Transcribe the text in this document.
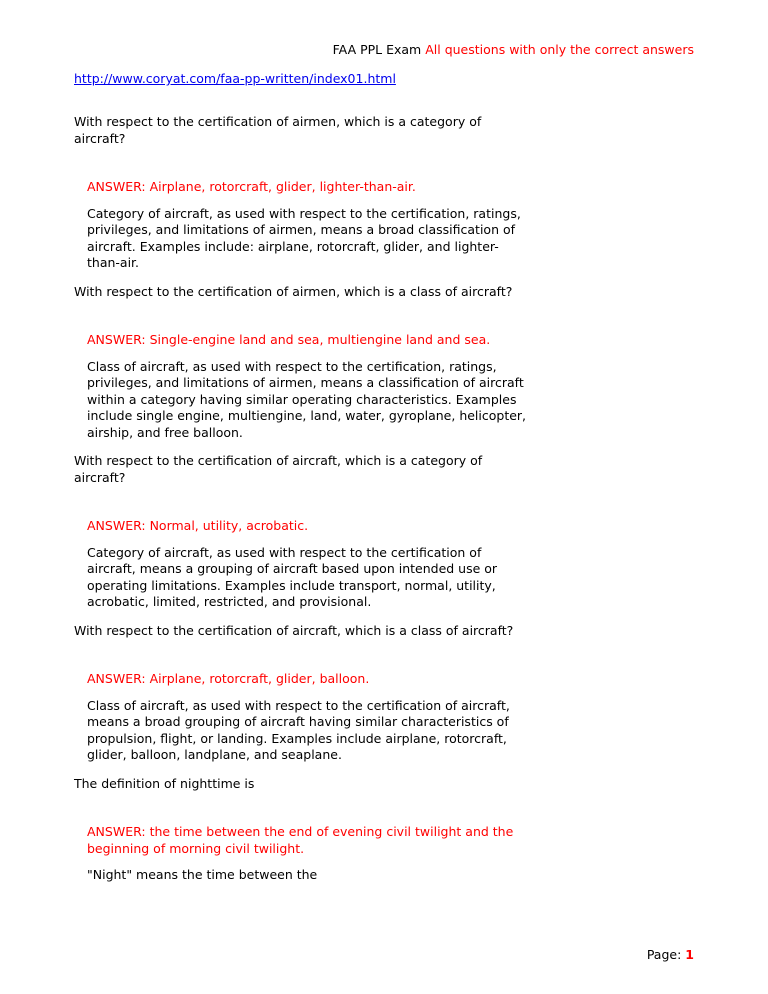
FAA PPL Exam All questions with only the correct answers
http://www.coryat.com/faa-pp-written/index01.html

With respect to the certification of airmen, which is a category of aircraft?

ANSWER: Airplane, rotorcraft, glider, lighter-than-air.

Category of aircraft, as used with respect to the certification, ratings, privileges, and limitations of airmen, means a broad classification of aircraft. Examples include: airplane, rotorcraft, glider, and lighter-than-air.

With respect to the certification of airmen, which is a class of aircraft?

ANSWER: Single-engine land and sea, multiengine land and sea.

Class of aircraft, as used with respect to the certification, ratings, privileges, and limitations of airmen, means a classification of aircraft within a category having similar operating characteristics. Examples include single engine, multiengine, land, water, gyroplane, helicopter, airship, and free balloon.

With respect to the certification of aircraft, which is a category of aircraft?

ANSWER: Normal, utility, acrobatic.

Category of aircraft, as used with respect to the certification of aircraft, means a grouping of aircraft based upon intended use or operating limitations. Examples include transport, normal, utility, acrobatic, limited, restricted, and provisional.

With respect to the certification of aircraft, which is a class of aircraft?

ANSWER: Airplane, rotorcraft, glider, balloon.

Class of aircraft, as used with respect to the certification of aircraft, means a broad grouping of aircraft having similar characteristics of propulsion, flight, or landing. Examples include airplane, rotorcraft, glider, balloon, landplane, and seaplane.

The definition of nighttime is

ANSWER: the time between the end of evening civil twilight and the beginning of morning civil twilight.

"Night" means the time between the

Page: 1
